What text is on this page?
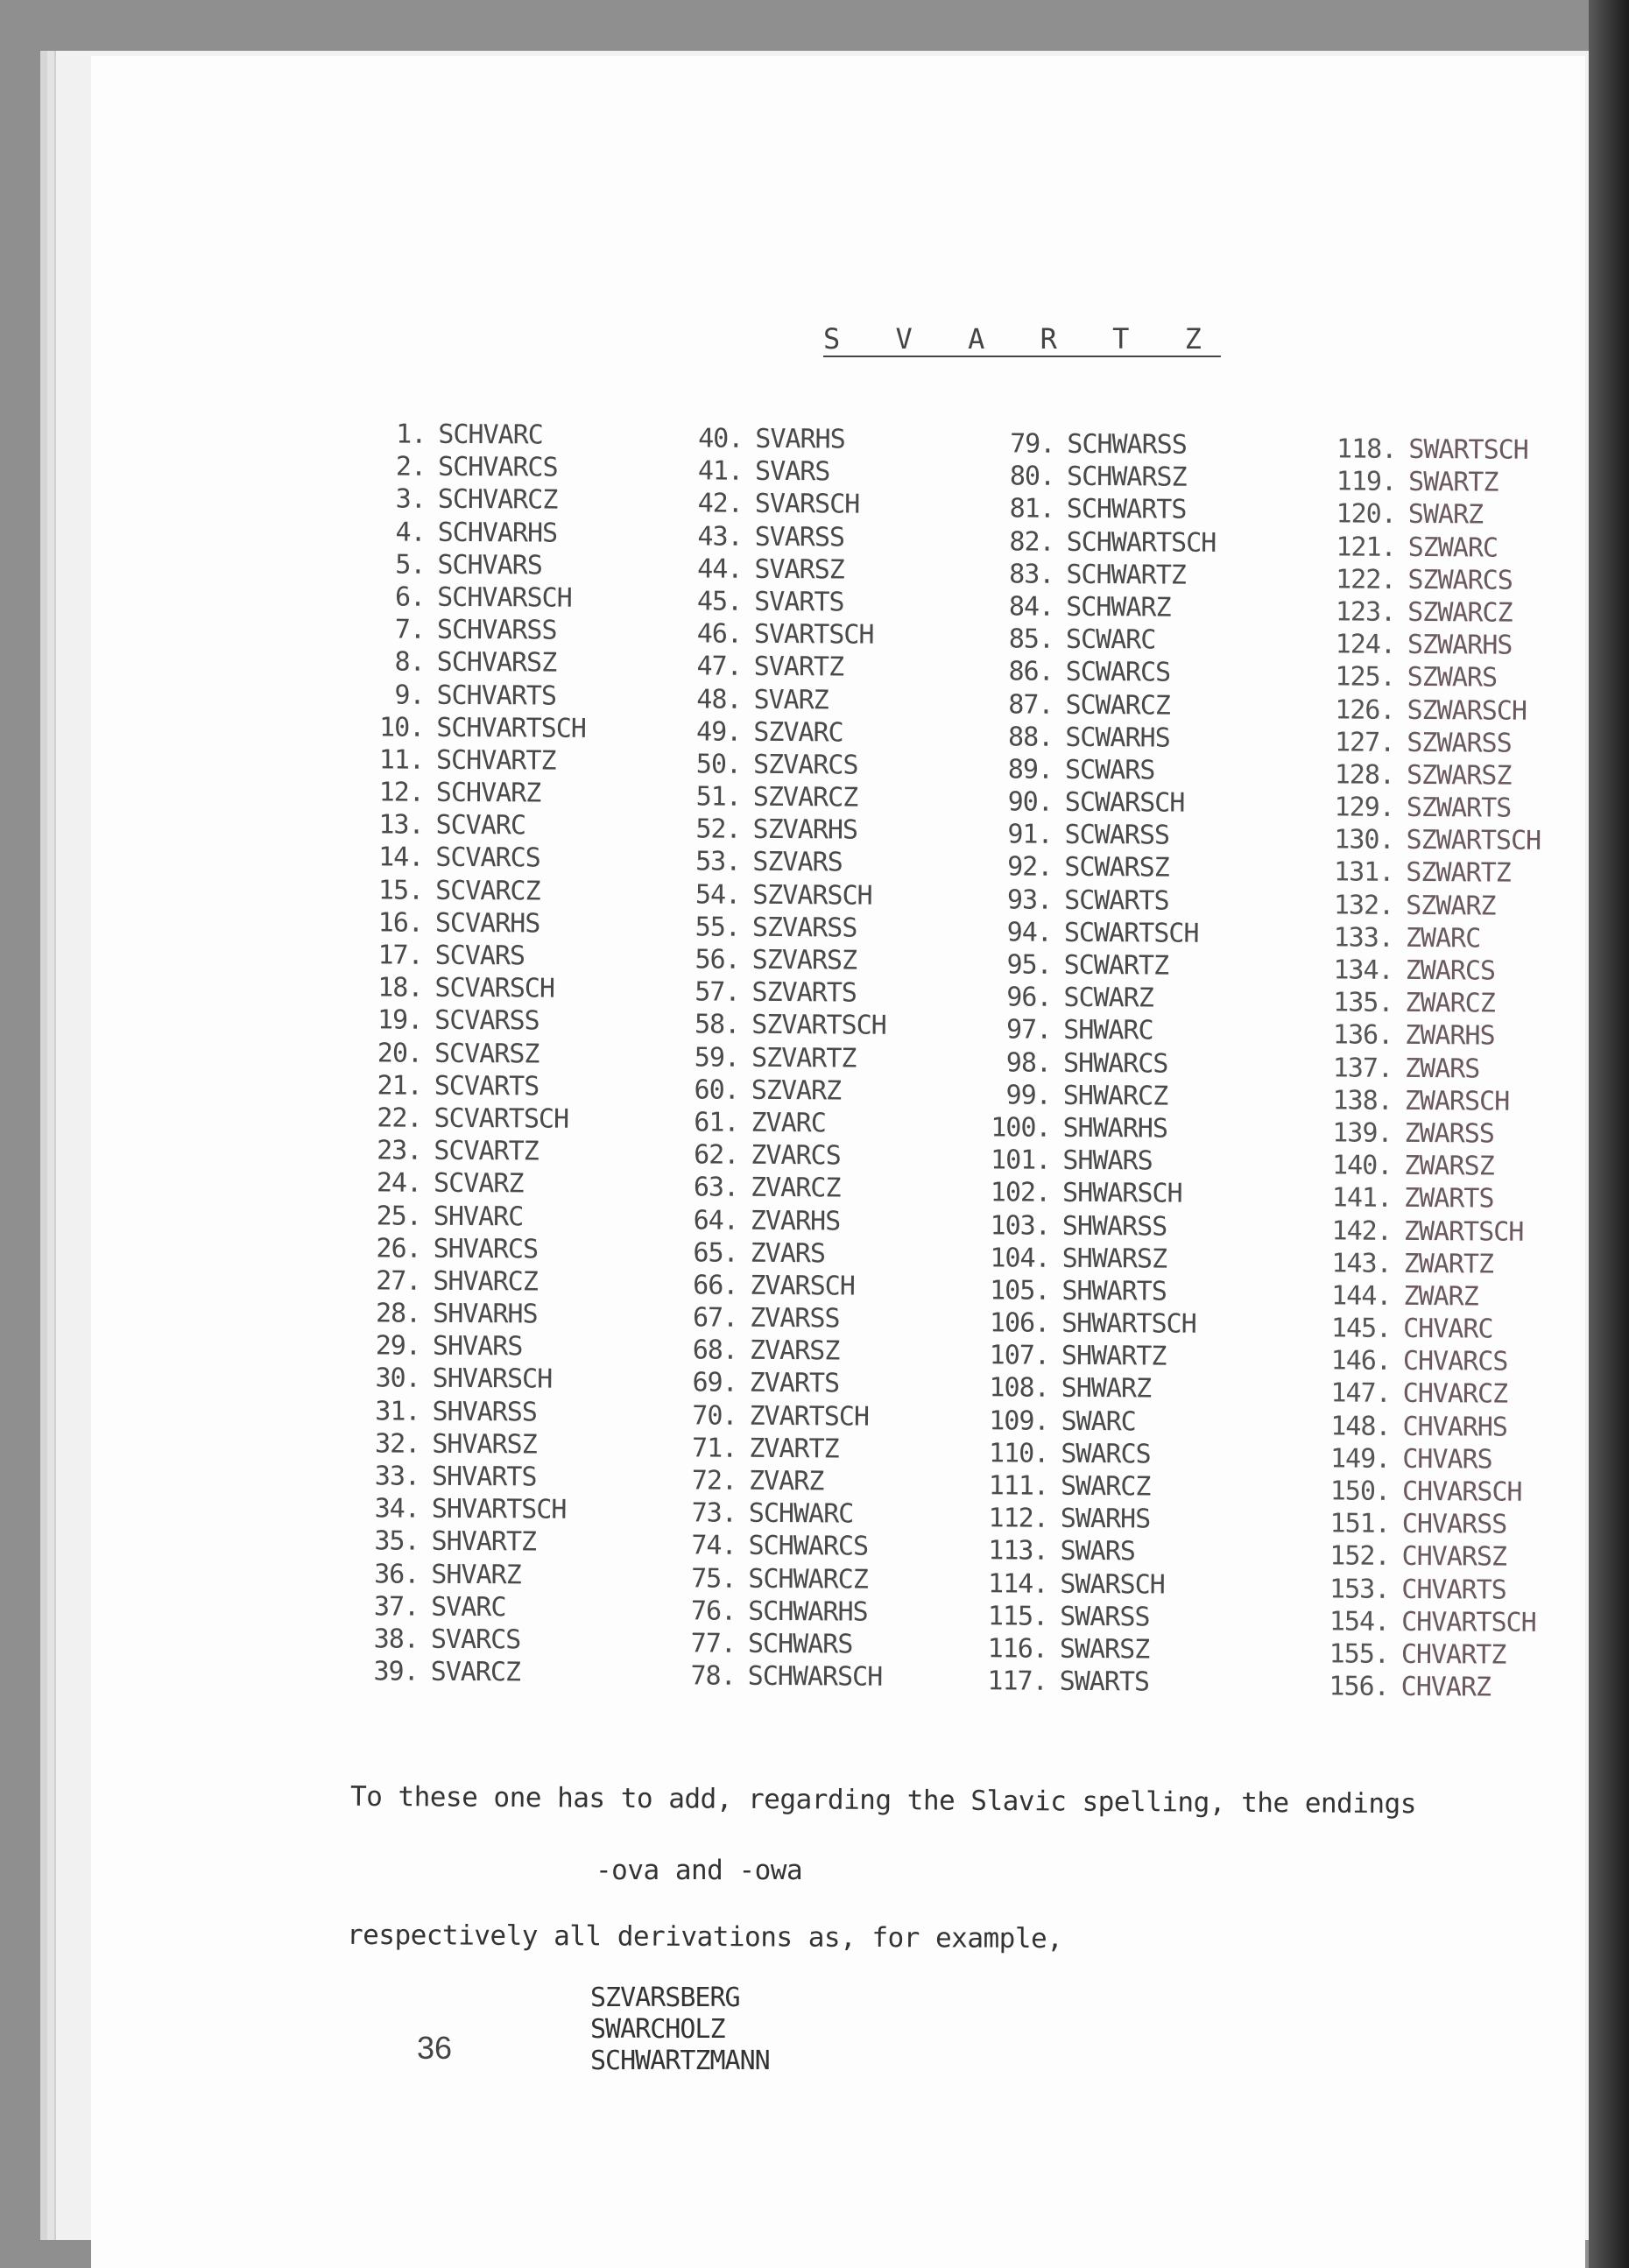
S V A R T Z
1. SCHVARC
2. SCHVARCS
3. SCHVARCZ
4. SCHVARHS
5. SCHVARS
6. SCHVARSCH
7. SCHVARSS
8. SCHVARSZ
9. SCHVARTS
10. SCHVARTSCH
11. SCHVARTZ
12. SCHVARZ
13. SCVARC
14. SCVARCS
15. SCVARCZ
16. SCVARHS
17. SCVARS
18. SCVARSCH
19. SCVARSS
20. SCVARSZ
21. SCVARTS
22. SCVARTSCH
23. SCVARTZ
24. SCVARZ
25. SHVARC
26. SHVARCS
27. SHVARCZ
28. SHVARHS
29. SHVARS
30. SHVARSCH
31. SHVARSS
32. SHVARSZ
33. SHVARTS
34. SHVARTSCH
35. SHVARTZ
36. SHVARZ
37. SVARC
38. SVARCS
39. SVARCZ
40. SVARHS
41. SVARS
42. SVARSCH
43. SVARSS
44. SVARSZ
45. SVARTS
46. SVARTSCH
47. SVARTZ
48. SVARZ
49. SZVARC
50. SZVARCS
51. SZVARCZ
52. SZVARHS
53. SZVARS
54. SZVARSCH
55. SZVARSS
56. SZVARSZ
57. SZVARTS
58. SZVARTSCH
59. SZVARTZ
60. SZVARZ
61. ZVARC
62. ZVARCS
63. ZVARCZ
64. ZVARHS
65. ZVARS
66. ZVARSCH
67. ZVARSS
68. ZVARSZ
69. ZVARTS
70. ZVARTSCH
71. ZVARTZ
72. ZVARZ
73. SCHWARC
74. SCHWARCS
75. SCHWARCZ
76. SCHWARHS
77. SCHWARS
78. SCHWARSCH
79. SCHWARSS
80. SCHWARSZ
81. SCHWARTS
82. SCHWARTSCH
83. SCHWARTZ
84. SCHWARZ
85. SCWARC
86. SCWARCS
87. SCWARCZ
88. SCWARHS
89. SCWARS
90. SCWARSCH
91. SCWARSS
92. SCWARSZ
93. SCWARTS
94. SCWARTSCH
95. SCWARTZ
96. SCWARZ
97. SHWARC
98. SHWARCS
99. SHWARCZ
100. SHWARHS
101. SHWARS
102. SHWARSCH
103. SHWARSS
104. SHWARSZ
105. SHWARTS
106. SHWARTSCH
107. SHWARTZ
108. SHWARZ
109. SWARC
110. SWARCS
111. SWARCZ
112. SWARHS
113. SWARS
114. SWARSCH
115. SWARSS
116. SWARSZ
117. SWARTS
118. SWARTSCH
119. SWARTZ
120. SWARZ
121. SZWARC
122. SZWARCS
123. SZWARCZ
124. SZWARHS
125. SZWARS
126. SZWARSCH
127. SZWARSS
128. SZWARSZ
129. SZWARTS
130. SZWARTSCH
131. SZWARTZ
132. SZWARZ
133. ZWARC
134. ZWARCS
135. ZWARCZ
136. ZWARHS
137. ZWARS
138. ZWARSCH
139. ZWARSS
140. ZWARSZ
141. ZWARTS
142. ZWARTSCH
143. ZWARTZ
144. ZWARZ
145. CHVARC
146. CHVARCS
147. CHVARCZ
148. CHVARHS
149. CHVARS
150. CHVARSCH
151. CHVARSS
152. CHVARSZ
153. CHVARTS
154. CHVARTSCH
155. CHVARTZ
156. CHVARZ

To these one has to add, regarding the Slavic spelling, the endings

-ova and -owa

respectively all derivations as, for example,

SZVARSBERG
SWARCHOLZ
SCHWARTZMANN
36
